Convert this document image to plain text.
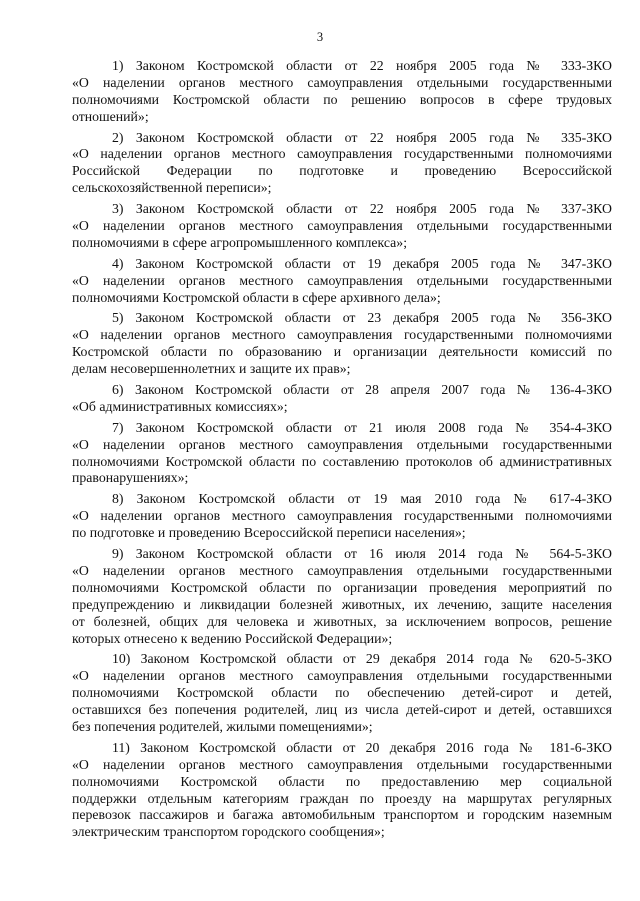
3
1) Законом Костромской области от 22 ноября 2005 года № 333-ЗКО
«О наделении органов местного самоуправления отдельными государственными
полномочиями Костромской области по решению вопросов в сфере трудовых
отношений»;
2) Законом Костромской области от 22 ноября 2005 года № 335-ЗКО
«О наделении органов местного самоуправления государственными полномочиями
Российской Федерации по подготовке и проведению Всероссийской
сельскохозяйственной переписи»;
3) Законом Костромской области от 22 ноября 2005 года № 337-ЗКО
«О наделении органов местного самоуправления отдельными государственными
полномочиями в сфере агропромышленного комплекса»;
4) Законом Костромской области от 19 декабря 2005 года № 347-ЗКО
«О наделении органов местного самоуправления отдельными государственными
полномочиями Костромской области в сфере архивного дела»;
5) Законом Костромской области от 23 декабря 2005 года № 356-ЗКО
«О наделении органов местного самоуправления государственными полномочиями
Костромской области по образованию и организации деятельности комиссий по
делам несовершеннолетних и защите их прав»;
6) Законом Костромской области от 28 апреля 2007 года № 136-4-ЗКО
«Об административных комиссиях»;
7) Законом Костромской области от 21 июля 2008 года № 354-4-ЗКО
«О наделении органов местного самоуправления отдельными государственными
полномочиями Костромской области по составлению протоколов об административных
правонарушениях»;
8) Законом Костромской области от 19 мая 2010 года № 617-4-ЗКО
«О наделении органов местного самоуправления государственными полномочиями
по подготовке и проведению Всероссийской переписи населения»;
9) Законом Костромской области от 16 июля 2014 года № 564-5-ЗКО
«О наделении органов местного самоуправления отдельными государственными
полномочиями Костромской области по организации проведения мероприятий по
предупреждению и ликвидации болезней животных, их лечению, защите населения
от болезней, общих для человека и животных, за исключением вопросов, решение
которых отнесено к ведению Российской Федерации»;
10) Законом Костромской области от 29 декабря 2014 года № 620-5-ЗКО
«О наделении органов местного самоуправления отдельными государственными
полномочиями Костромской области по обеспечению детей-сирот и детей,
оставшихся без попечения родителей, лиц из числа детей-сирот и детей, оставшихся
без попечения родителей, жилыми помещениями»;
11) Законом Костромской области от 20 декабря 2016 года № 181-6-ЗКО
«О наделении органов местного самоуправления отдельными государственными
полномочиями Костромской области по предоставлению мер социальной
поддержки отдельным категориям граждан по проезду на маршрутах регулярных
перевозок пассажиров и багажа автомобильным транспортом и городским наземным
электрическим транспортом городского сообщения»;
